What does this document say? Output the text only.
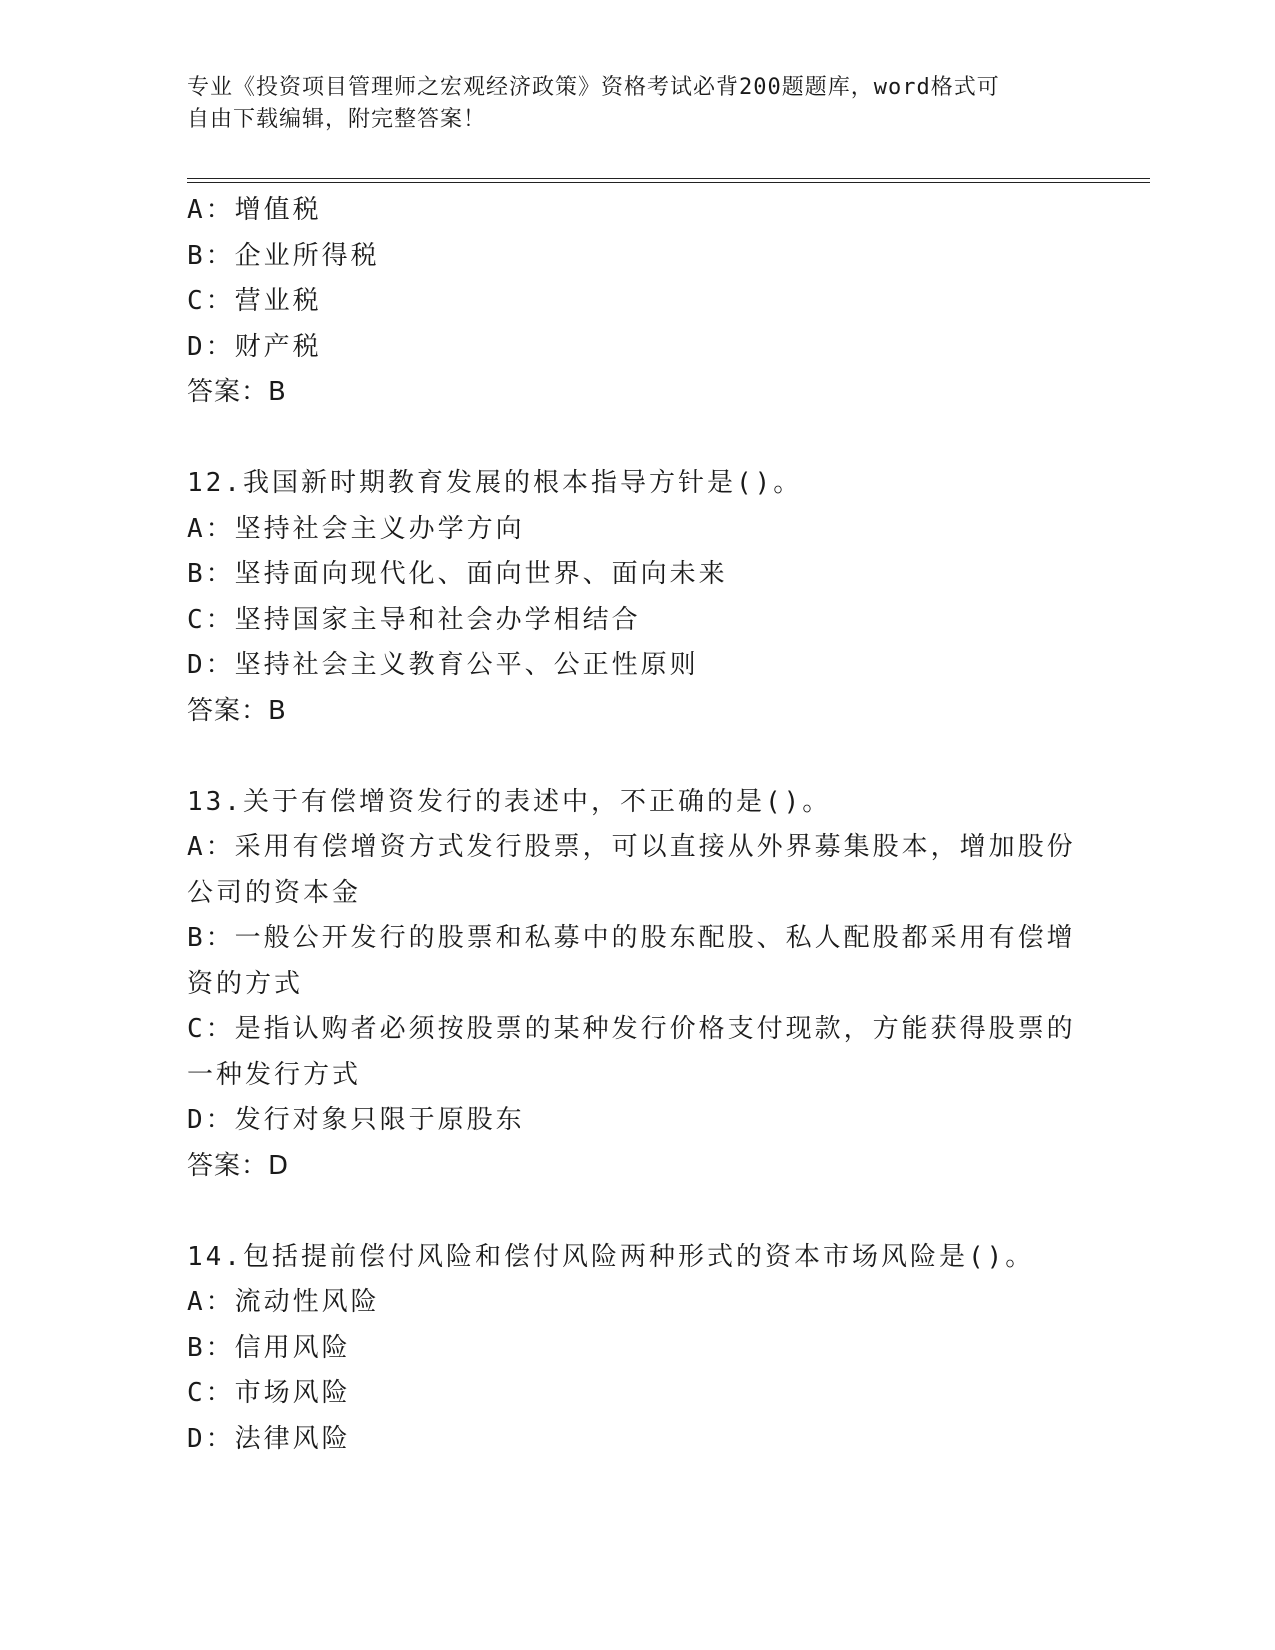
专业《投资项目管理师之宏观经济政策》资格考试必背200题题库，word格式可
自由下载编辑，附完整答案！

A：增值税

B：企业所得税

C：营业税

D：财产税

答案：B

12.我国新时期教育发展的根本指导方针是()。

A：坚持社会主义办学方向

B：坚持面向现代化、面向世界、面向未来

C：坚持国家主导和社会办学相结合

D：坚持社会主义教育公平、公正性原则

答案：B

13.关于有偿增资发行的表述中，不正确的是()。

A：采用有偿增资方式发行股票，可以直接从外界募集股本，增加股份

公司的资本金

B：一般公开发行的股票和私募中的股东配股、私人配股都采用有偿增

资的方式

C：是指认购者必须按股票的某种发行价格支付现款，方能获得股票的

一种发行方式

D：发行对象只限于原股东

答案：D

14.包括提前偿付风险和偿付风险两种形式的资本市场风险是()。

A：流动性风险

B：信用风险

C：市场风险

D：法律风险
